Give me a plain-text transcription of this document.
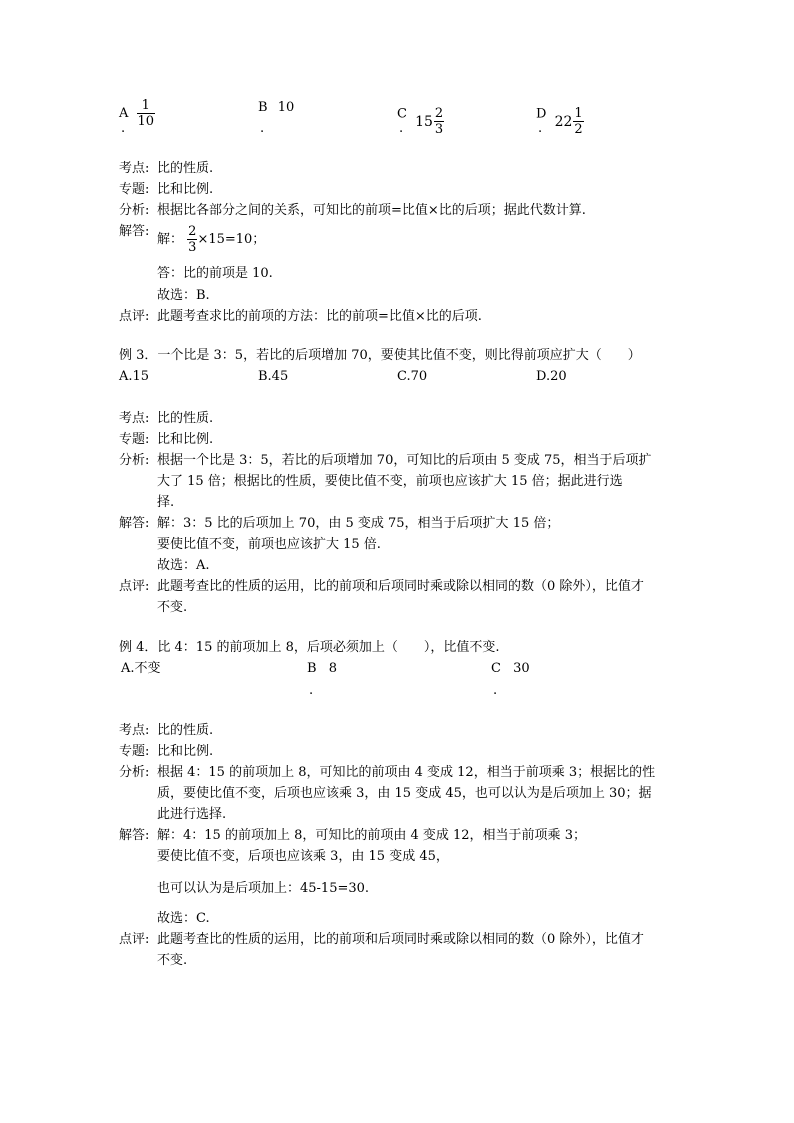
A $\frac{1}{10}$
.
B 10
.
C $15 \frac{2}{3}$
.
D $22 \frac{1}{2}$
.
考点: 比的性质.
专题: 比和比例.
分析: 根据比各部分之间的关系，可知比的前项=比值×比的后项；据此代数计算.
解答:
解： $\frac{2}{3} \times 15=10$；
答：比的前项是 10.
故选：B.
点评: 此题考查求比的前项的方法：比的前项=比值×比的后项.
例 3．一个比是 3：5，若比的后项增加 70，要使其比值不变，则比得前项应扩大（　　）
A.15	B.45	C.70	D.20
考点: 比的性质.
专题: 比和比例.
分析: 根据一个比是 3：5，若比的后项增加 70，可知比的后项由 5 变成 75，相当于后项扩
大了 15 倍；根据比的性质，要使比值不变，前项也应该扩大 15 倍；据此进行选
择.
解答: 解：3：5 比的后项加上 70，由 5 变成 75，相当于后项扩大 15 倍；
要使比值不变，前项也应该扩大 15 倍.
故选：A.
点评: 此题考查比的性质的运用，比的前项和后项同时乘或除以相同的数（0 除外），比值才
不变.
例 4．比 4：15 的前项加上 8，后项必须加上（　　），比值不变.
A.不变	B 8
.
C 30
.
考点: 比的性质.
专题: 比和比例.
分析: 根据 4：15 的前项加上 8，可知比的前项由 4 变成 12，相当于前项乘 3；根据比的性
质，要使比值不变，后项也应该乘 3，由 15 变成 45，也可以认为是后项加上 30；据
此进行选择.
解答: 解：4：15 的前项加上 8，可知比的前项由 4 变成 12，相当于前项乘 3；
要使比值不变，后项也应该乘 3，由 15 变成 45，
也可以认为是后项加上：45-15=30.
故选：C.
点评: 此题考查比的性质的运用，比的前项和后项同时乘或除以相同的数（0 除外），比值才
不变.
